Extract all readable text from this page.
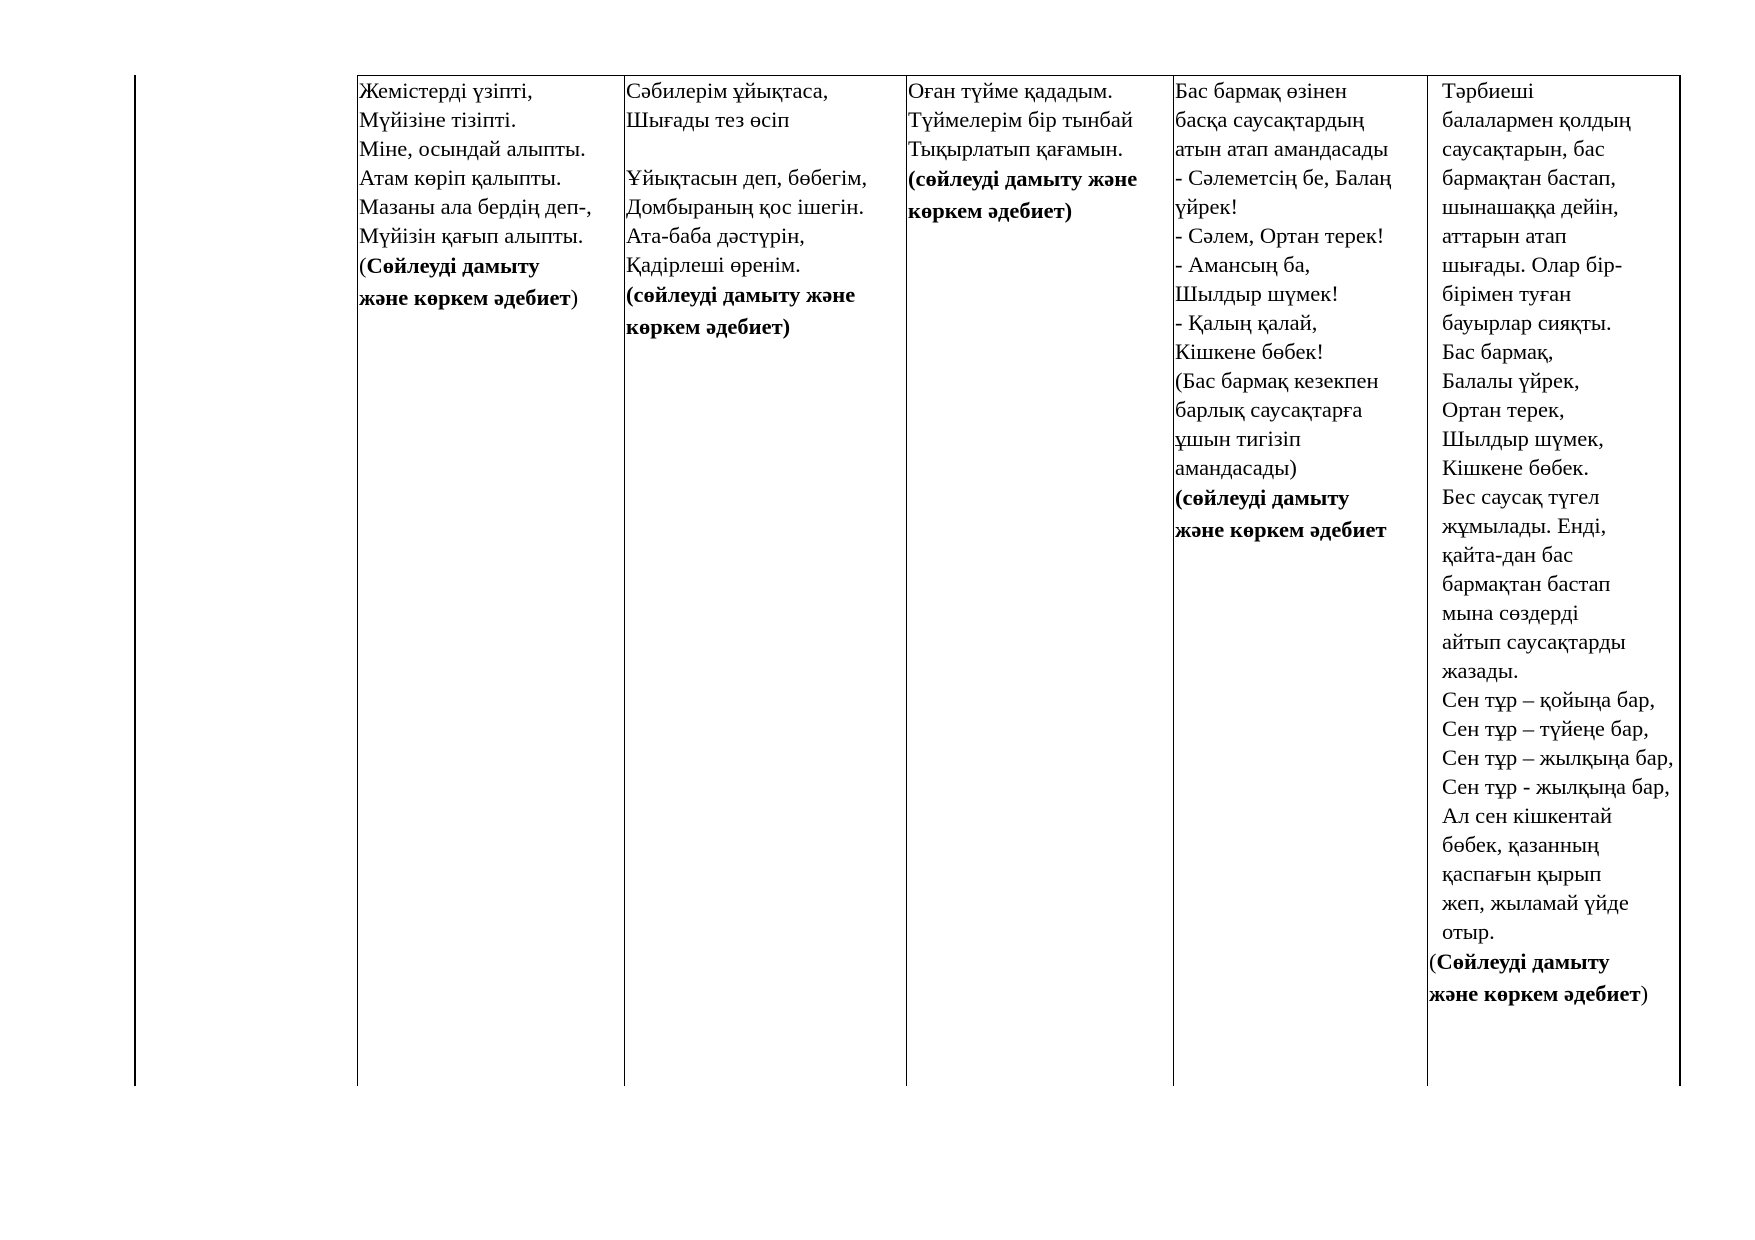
Жемістерді үзіпті,
Мүйізіне тізіпті.
Міне, осындай алыпты.
Атам көріп қалыпты.
Мазаны ала бердің деп-,
Мүйізін қағып алыпты.
(Сөйлеуді дамыту
және көркем әдебиет)
Сәбилерім ұйықтаса,
Шығады тез өсіп
Ұйықтасын деп, бөбегім,
Домбыраның қос ішегін.
Ата-баба дәстүрін,
Қадірлеші өренім.
(сөйлеуді дамыту және
көркем әдебиет)
Оған түйме қададым.
Түймелерім бір тынбай
Тықырлатып қағамын.
(сөйлеуді дамыту және
көркем әдебиет)
Бас бармақ өзінен
басқа саусақтардың
атын атап амандасады
- Сәлеметсің бе, Балаң
үйрек!
- Сәлем, Ортан терек!
- Амансың ба,
Шылдыр шүмек!
- Қалың қалай,
Кішкене бөбек!
(Бас бармақ кезекпен
барлық саусақтарға
ұшын тигізіп
амандасады)
(сөйлеуді дамыту
және көркем әдебиет
Тәрбиеші
балалармен қолдың
саусақтарын, бас
бармақтан бастап,
шынашаққа дейін,
аттарын атап
шығады. Олар бір-
бірімен туған
бауырлар сияқты.
Бас бармақ,
Балалы үйрек,
Ортан терек,
Шылдыр шүмек,
Кішкене бөбек.
Бес саусақ түгел
жұмылады. Енді,
қайта-дан бас
бармақтан бастап
мына сөздерді
айтып саусақтарды
жазады.
Сен тұр – қойыңа бар,
Сен тұр – түйеңе бар,
Сен тұр – жылқыңа бар,
Сен тұр - жылқыңа бар,
Ал сен кішкентай
бөбек, қазанның
қаспағын қырып
жеп, жыламай үйде
отыр.
(Сөйлеуді дамыту
және көркем әдебиет)
